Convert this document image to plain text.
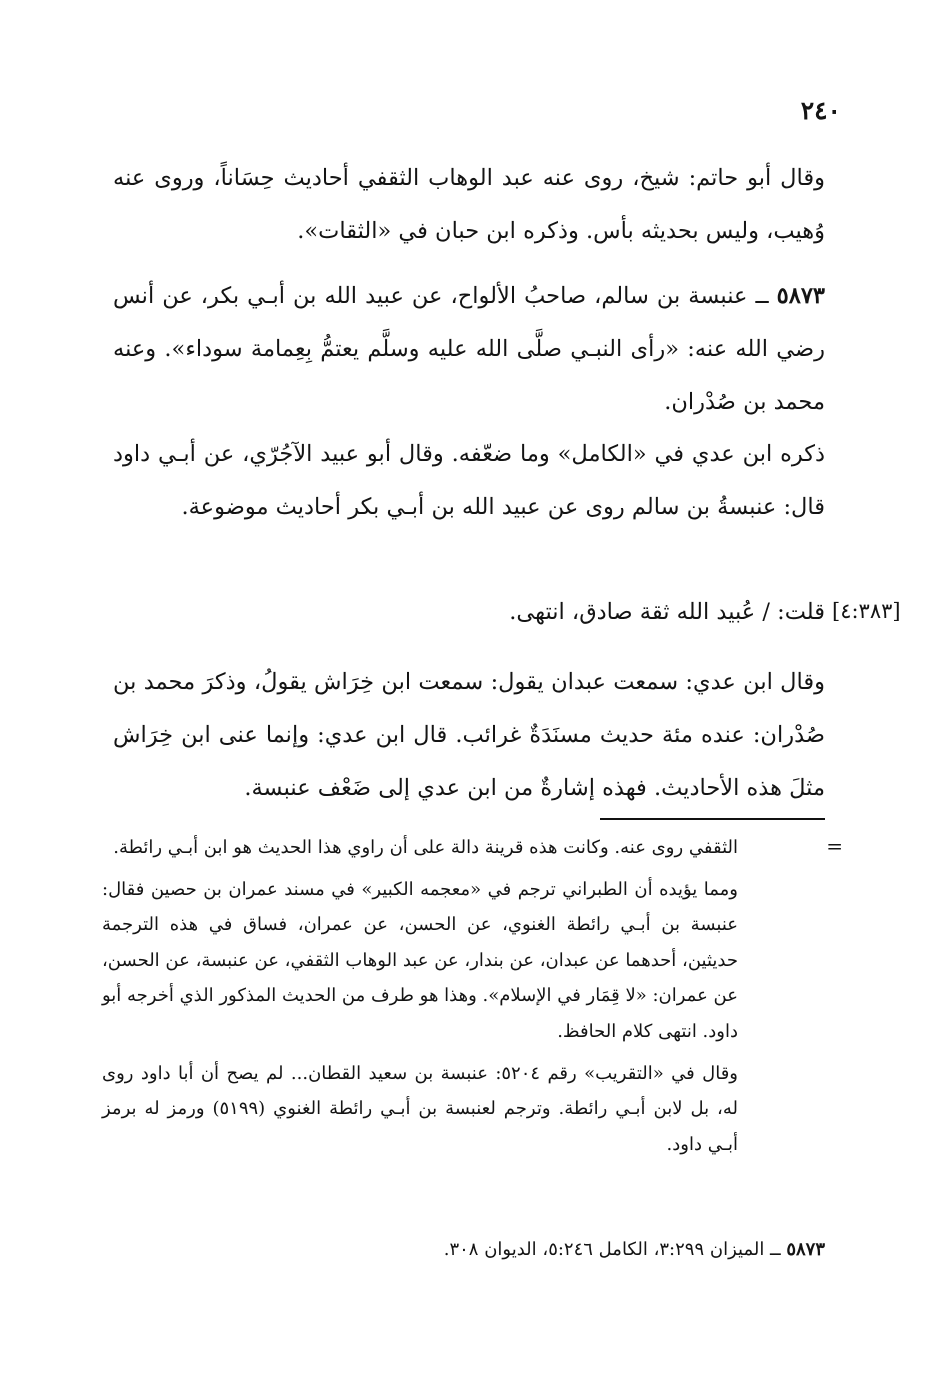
٢٤٠

وقال أبو حاتم: شيخ، روى عنه عبد الوهاب الثقفي أحاديث حِسَاناً، وروى عنه وُهيب، وليس بحديثه بأس. وذكره ابن حبان في «الثقات».

٥٨٧٣ ــ عنبسة بن سالم، صاحبُ الألواح، عن عبيد الله بن أبـي بكر، عن أنس رضي الله عنه: «رأى النبـي صلَّى الله عليه وسلَّم يعتمُّ بِعِمامة سوداء». وعنه محمد بن صُدْران.

ذكره ابن عدي في «الكامل» وما ضعّفه. وقال أبو عبيد الآجُرّي، عن أبـي داود قال: عنبسةُ بن سالم روى عن عبيد الله بن أبـي بكر أحاديث موضوعة.

[٤:٣٨٣]

قلت: / عُبيد الله ثقة صادق، انتهى.

وقال ابن عدي: سمعت عبدان يقول: سمعت ابن خِرَاش يقولُ، وذكرَ محمد بن صُدْران: عنده مئة حديث مسنَدَةٌ غرائب. قال ابن عدي: وإنما عنى ابن خِرَاش مثلَ هذه الأحاديث. فهذه إشارةٌ من ابن عدي إلى ضَعْف عنبسة.

=

الثقفي روى عنه. وكانت هذه قرينة دالة على أن راوي هذا الحديث هو ابن أبـي رائطة.

ومما يؤيده أن الطبراني ترجم في «معجمه الكبير» في مسند عمران بن حصين فقال: عنبسة بن أبـي رائطة الغنوي، عن الحسن، عن عمران، فساق في هذه الترجمة حديثين، أحدهما عن عبدان، عن بندار، عن عبد الوهاب الثقفي، عن عنبسة، عن الحسن، عن عمران: «لا قِمَار في الإسلام». وهذا هو طرف من الحديث المذكور الذي أخرجه أبو داود. انتهى كلام الحافظ.

وقال في «التقريب» رقم ٥٢٠٤: عنبسة بن سعيد القطان... لم يصح أن أبا داود روى له، بل لابن أبـي رائطة. وترجم لعنبسة بن أبـي رائطة الغنوي (٥١٩٩) ورمز له برمز أبـي داود.

٥٨٧٣ ــ الميزان ٣:٢٩٩، الكامل ٥:٢٤٦، الديوان ٣٠٨.
